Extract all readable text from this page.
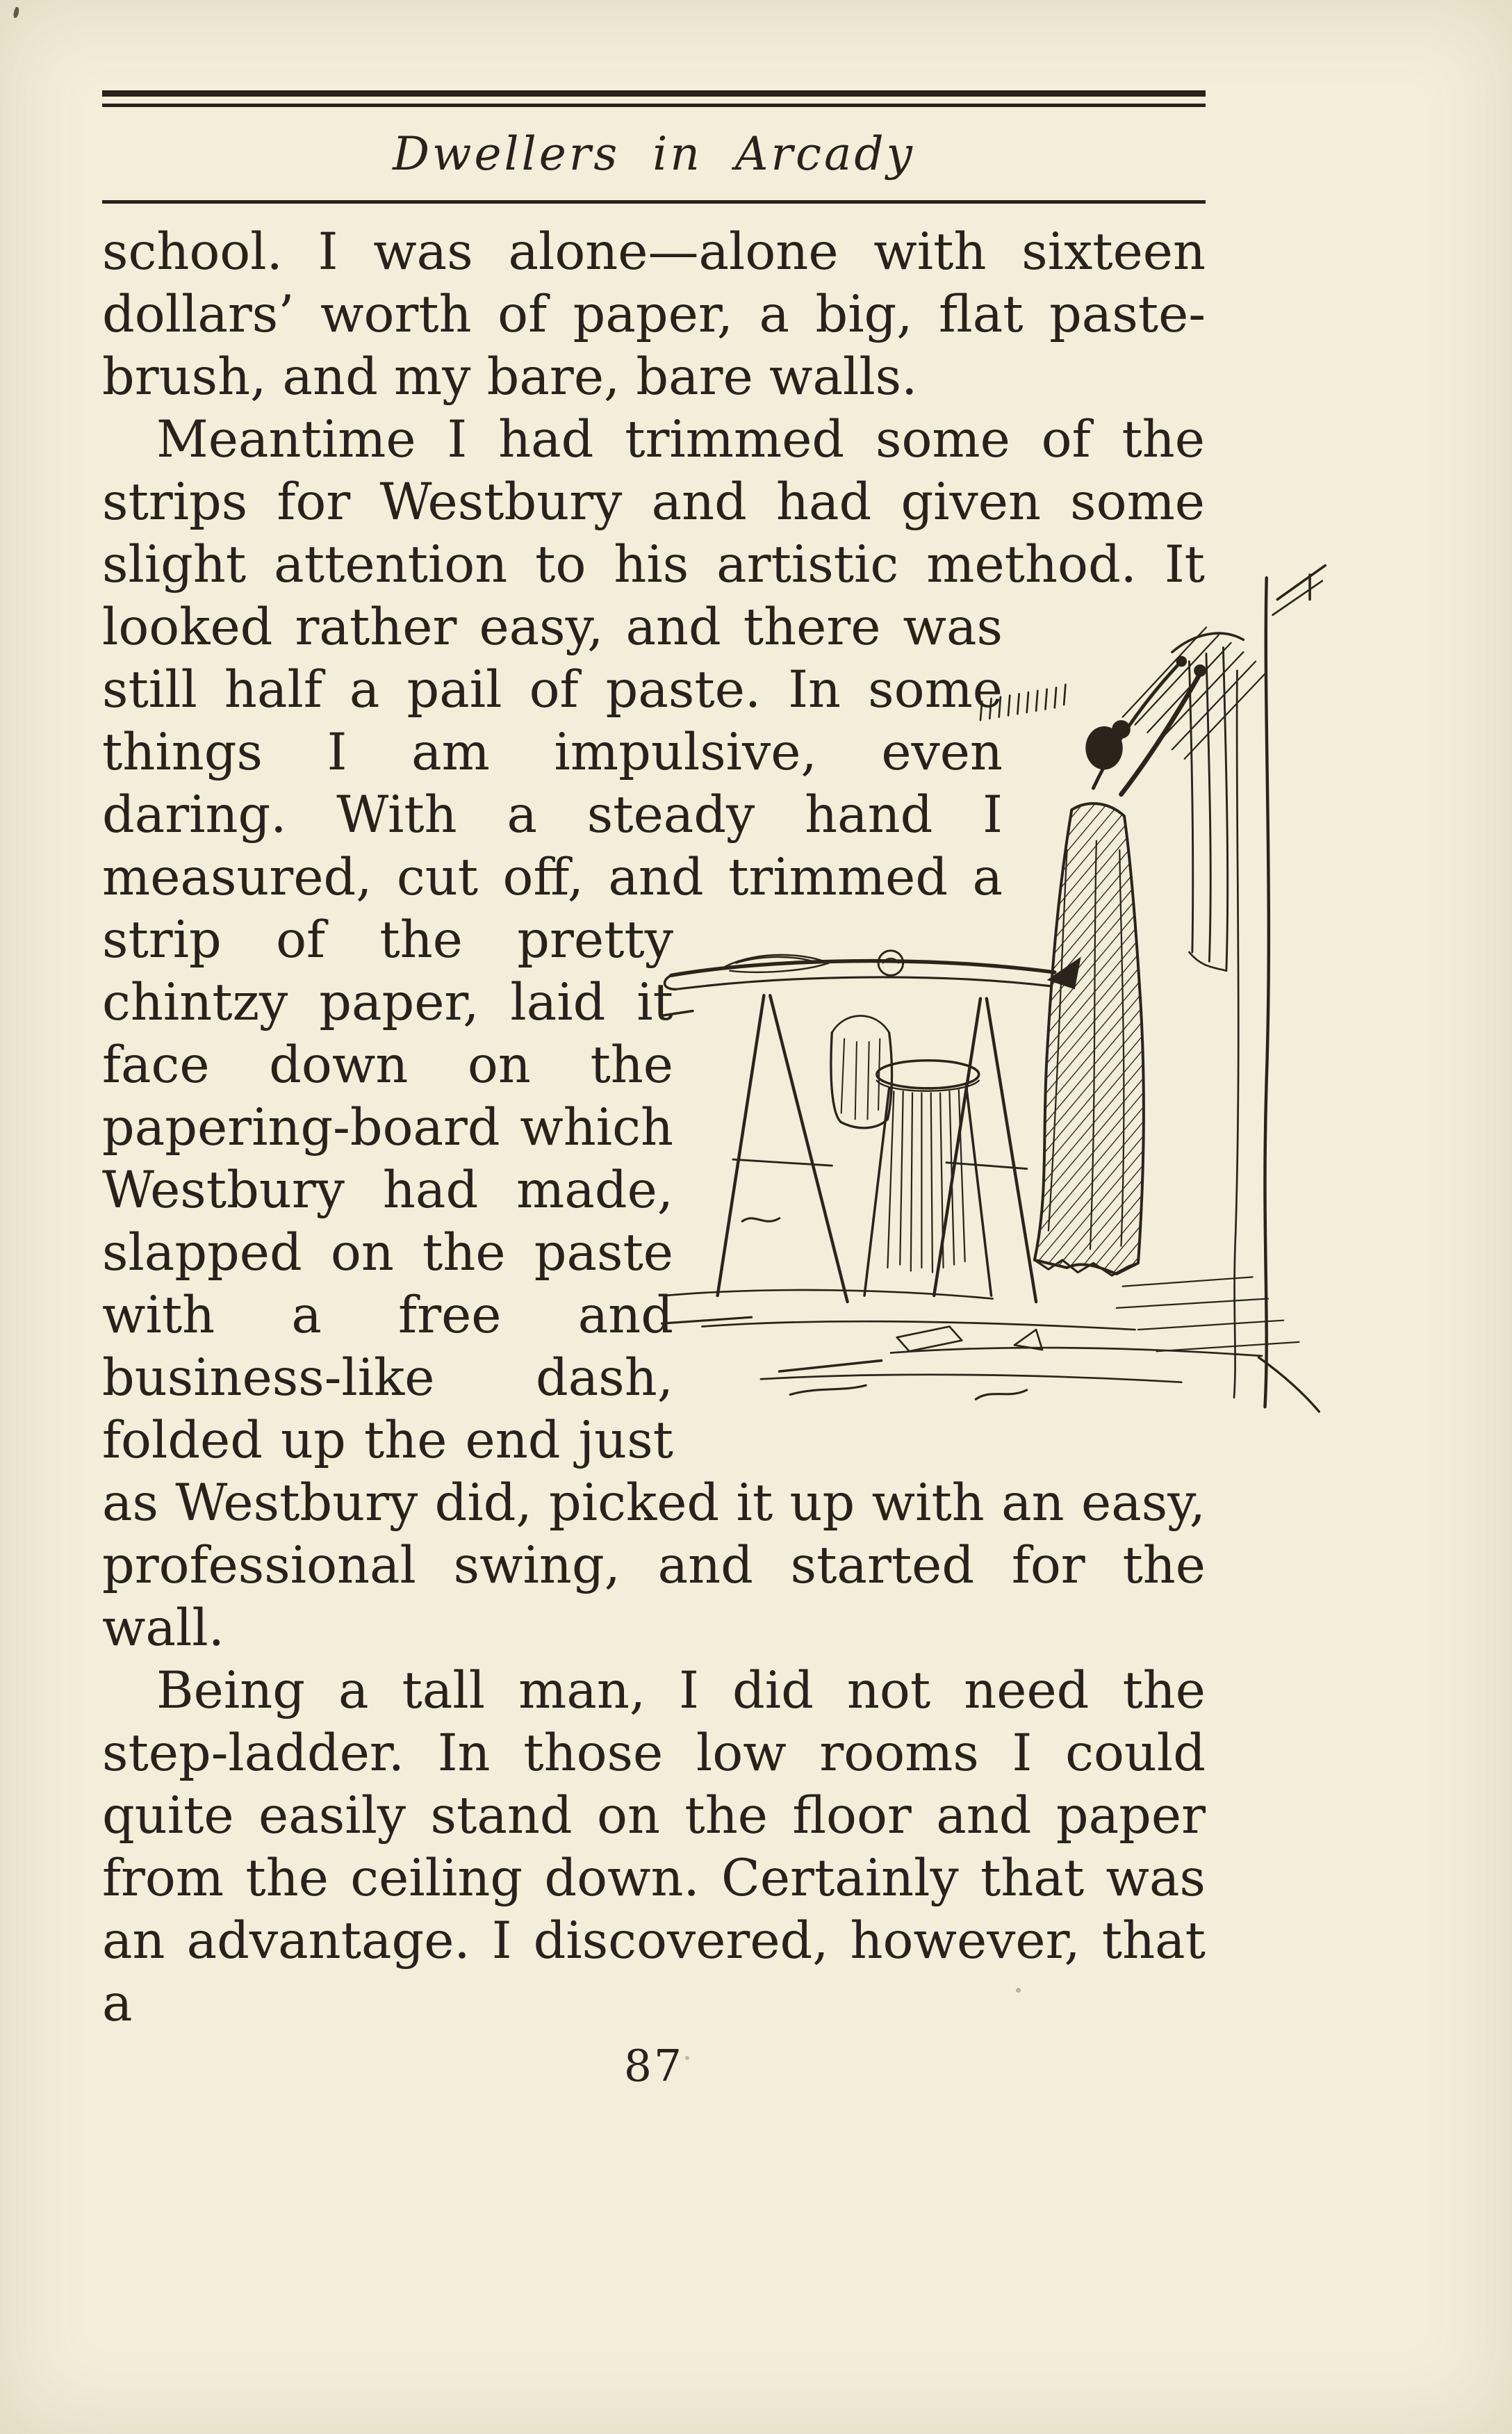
Dwellers in Arcady

school. I was alone—alone with sixteen dollars’ worth of paper, a big, flat paste-brush, and my bare, bare walls.

Meantime I had trimmed some of the strips for Westbury and had given some slight attention to his artistic method. It looked rather easy, and there was still half a pail of paste. In some things I am impulsive, even daring. With a steady hand I measured, cut off, and trimmed a strip of the pretty chintzy paper, laid it face down on the papering-board which Westbury had made, slapped on the paste with a free and business-like dash, folded up the end just as Westbury did, picked it up with an easy, professional swing, and started for the wall.

Being a tall man, I did not need the step-ladder. In those low rooms I could quite easily stand on the floor and paper from the ceiling down. Certainly that was an advantage. I discovered, however, that a

87
